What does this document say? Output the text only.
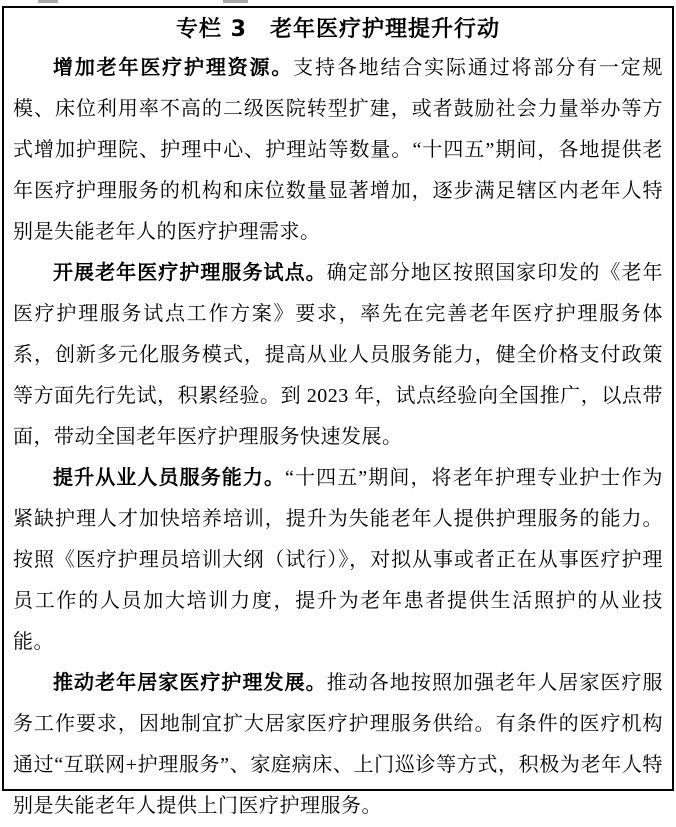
专栏 3　老年医疗护理提升行动

增加老年医疗护理资源。支持各地结合实际通过将部分有一定规模、床位利用率不高的二级医院转型扩建，或者鼓励社会力量举办等方式增加护理院、护理中心、护理站等数量。“十四五”期间，各地提供老年医疗护理服务的机构和床位数量显著增加，逐步满足辖区内老年人特别是失能老年人的医疗护理需求。

开展老年医疗护理服务试点。确定部分地区按照国家印发的《老年医疗护理服务试点工作方案》要求，率先在完善老年医疗护理服务体系，创新多元化服务模式，提高从业人员服务能力，健全价格支付政策等方面先行先试，积累经验。到 2023 年，试点经验向全国推广，以点带面，带动全国老年医疗护理服务快速发展。

提升从业人员服务能力。“十四五”期间，将老年护理专业护士作为紧缺护理人才加快培养培训，提升为失能老年人提供护理服务的能力。按照《医疗护理员培训大纲（试行）》，对拟从事或者正在从事医疗护理员工作的人员加大培训力度，提升为老年患者提供生活照护的从业技能。

推动老年居家医疗护理发展。推动各地按照加强老年人居家医疗服务工作要求，因地制宜扩大居家医疗护理服务供给。有条件的医疗机构通过“互联网+护理服务”、家庭病床、上门巡诊等方式，积极为老年人特别是失能老年人提供上门医疗护理服务。
